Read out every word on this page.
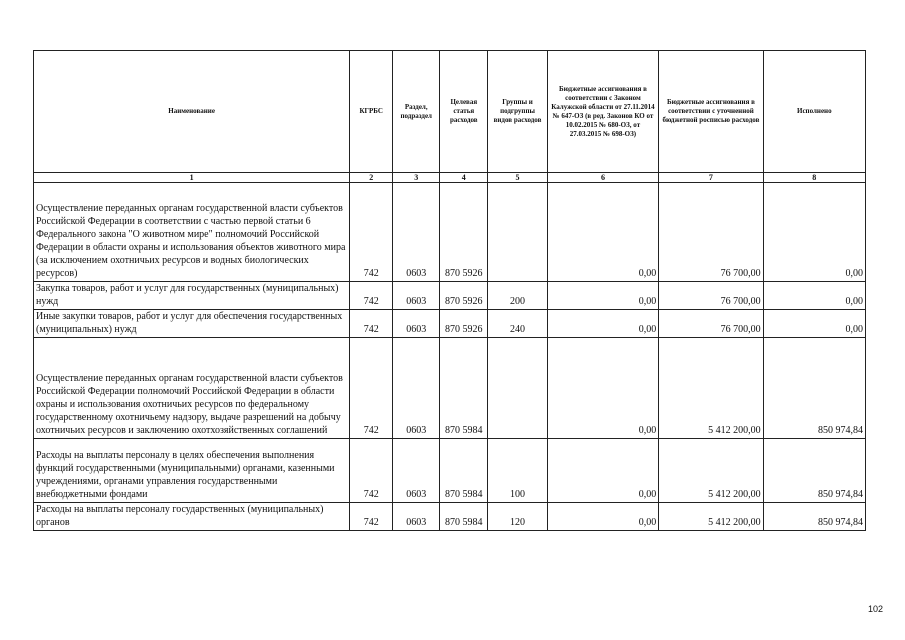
Наименование	КГРБС	Раздел, подраздел	Целевая статья расходов	Группы и подгруппы видов расходов	Бюджетные ассигнования в соответствии с Законом Калужской области от 27.11.2014 № 647-ОЗ (в ред. Законов КО от 10.02.2015 № 680-ОЗ, от 27.03.2015 № 698-ОЗ)	Бюджетные ассигнования в соответствии с уточненной бюджетной росписью расходов	Исполнено
1	2	3	4	5	6	7	8
Осуществление переданных органам государственной власти субъектов Российской Федерации в соответствии с частью первой статьи 6 Федерального закона "О животном мире" полномочий Российской Федерации в области охраны и использования объектов животного мира (за исключением охотничьих ресурсов и водных биологических ресурсов)	742	0603	870 5926		0,00	76 700,00	0,00
Закупка товаров, работ и услуг для государственных (муниципальных) нужд	742	0603	870 5926	200	0,00	76 700,00	0,00
Иные закупки товаров, работ и услуг для обеспечения государственных (муниципальных) нужд	742	0603	870 5926	240	0,00	76 700,00	0,00
Осуществление переданных органам государственной власти субъектов Российской Федерации полномочий Российской Федерации в области охраны и использования охотничьих ресурсов по федеральному государственному охотничьему надзору, выдаче разрешений на добычу охотничьих ресурсов и заключению охотхозяйственных соглашений	742	0603	870 5984		0,00	5 412 200,00	850 974,84
Расходы на выплаты персоналу в целях обеспечения выполнения функций государственными (муниципальными) органами, казенными учреждениями, органами управления государственными внебюджетными фондами	742	0603	870 5984	100	0,00	5 412 200,00	850 974,84
Расходы на выплаты персоналу государственных (муниципальных) органов	742	0603	870 5984	120	0,00	5 412 200,00	850 974,84
102
